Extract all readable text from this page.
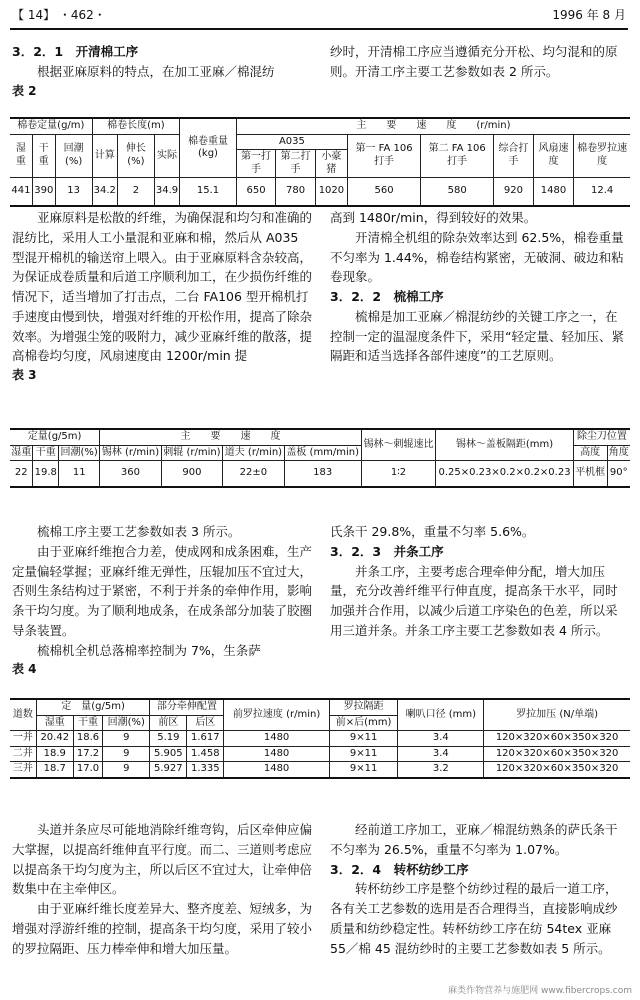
【 14】 ・462・	1996 年 8 月

3．2．1　开清棉工序

根据亚麻原料的特点，在加工亚麻／棉混纺

表 2

纱时，开清棉工序应当遵循充分开松、均匀混和的原则。开清工序主要工艺参数如表 2 所示。

棉卷定量(g/m)			棉卷长度(m)			棉卷重量(kg)	主　　要　　速　　度　　(r/min)							
湿重	干重	回潮(%)	计算	伸长(%)	实际		A035			第一 FA 106 打手	第二 FA 106 打手	综合打手	风扇速度	棉卷罗拉速度
							第一打手	第二打手	小豪猪					
441	390	13	34.2	2	34.9	15.1	650	780	1020	560	580	920	1480	12.4

亚麻原料是松散的纤维，为确保混和均匀和准确的混纺比，采用人工小量混和亚麻和棉，然后从 A035 型混开棉机的输送帘上喂入。由于亚麻原料含杂较高，为保证成卷质量和后道工序顺利加工，在少损伤纤维的情况下，适当增加了打击点，二台 FA106 型开棉机打手速度由慢到快，增强对纤维的开松作用，提高了除杂效率。为增强尘笼的吸附力，减少亚麻纤维的散落，提高棉卷均匀度，风扇速度由 1200r/min 提

表 3

高到 1480r/min，得到较好的效果。

开清棉全机组的除杂效率达到 62.5%，棉卷重量不匀率为 1.44%，棉卷结构紧密，无破洞、破边和粘卷现象。

3．2．2　梳棉工序

梳棉是加工亚麻／棉混纺纱的关键工序之一，在控制一定的温湿度条件下，采用“轻定量、轻加压、紧隔距和适当选择各部件速度”的工艺原则。

定量(g/5m)			主　　要　　速　　度				锡林～刺辊速比	锡林～盖板隔距(mm)	除尘刀位置	
湿重	干重	回潮(%)	锡林 (r/min)	刺辊 (r/min)	道夫 (r/min)	盖板 (mm/min)			高度	角度
22	19.8	11	360	900	22±0	183	1∶2	0.25×0.23×0.2×0.2×0.23	平机框	90°

梳棉工序主要工艺参数如表 3 所示。

由于亚麻纤维抱合力差，使成网和成条困难，生产定量偏轻掌握；亚麻纤维无弹性，压辊加压不宜过大，否则生条结构过于紧密，不利于并条的牵伸作用，影响条干均匀度。为了顺利地成条，在成条部分加装了胶圈导条装置。

梳棉机全机总落棉率控制为 7%，生条萨

表 4

氏条干 29.8%，重量不匀率 5.6%。

3．2．3　并条工序

并条工序，主要考虑合理牵伸分配，增大加压量，充分改善纤维平行伸直度，提高条干水平，同时加强并合作用，以减少后道工序染色的色差，所以采用三道并条。并条工序主要工艺参数如表 4 所示。

道数	定　量(g/5m)			部分牵伸配置		前罗拉速度 (r/min)	罗拉隔距	喇叭口径 (mm)	罗拉加压 (N/单端)
	湿重	干重	回潮(%)	前区	后区		前×后(mm)		
一并	20.42	18.6	9	5.19	1.617	1480	9×11	3.4	120×320×60×350×320
二并	18.9	17.2	9	5.905	1.458	1480	9×11	3.4	120×320×60×350×320
三并	18.7	17.0	9	5.927	1.335	1480	9×11	3.2	120×320×60×350×320

头道并条应尽可能地消除纤维弯钩，后区牵伸应偏大掌握，以提高纤维伸直平行度。而二、三道则考虑应以提高条干均匀度为主，所以后区不宜过大，让牵伸倍数集中在主牵伸区。

由于亚麻纤维长度差异大、整齐度差、短绒多，为增强对浮游纤维的控制，提高条干均匀度，采用了较小的罗拉隔距、压力棒牵伸和增大加压量。

经前道工序加工，亚麻／棉混纺熟条的萨氏条干不匀率为 26.5%，重量不匀率为 1.07%。

3．2．4　转杯纺纱工序

转杯纺纱工序是整个纺纱过程的最后一道工序，各有关工艺参数的选用是否合理得当，直接影响成纱质量和纺纱稳定性。转杯纺纱工序在纺 54tex 亚麻 55／棉 45 混纺纱时的主要工艺参数如表 5 所示。

麻类作物营养与施肥网 www.fibercrops.com
